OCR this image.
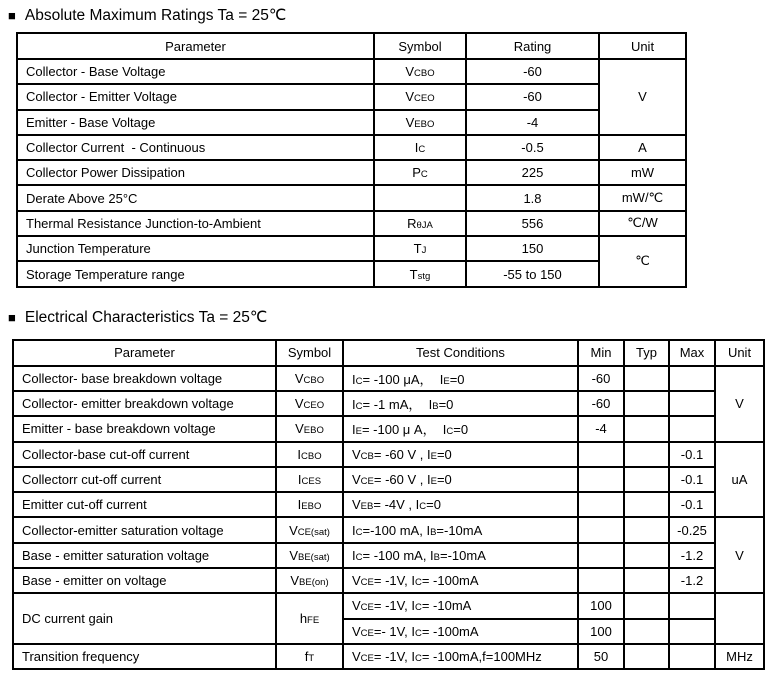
■ Absolute Maximum Ratings Ta = 25℃
Parameter	Symbol	Rating	Unit
Collector - Base Voltage	VCBO	-60	V
Collector - Emitter Voltage	VCEO	-60	
Emitter - Base Voltage	VEBO	-4	
Collector Current  - Continuous	IC	-0.5	A
Collector Power Dissipation	PC	225	mW
Derate Above 25°C		1.8	mW/℃
Thermal Resistance Junction-to-Ambient	RθJA	556	℃/W
Junction Temperature	TJ	150	℃
Storage Temperature range	Tstg	-55 to 150	
■ Electrical Characteristics Ta = 25℃
Parameter	Symbol	Test Conditions	Min	Typ	Max	Unit
Collector- base breakdown voltage	VCBO	IC= -100 μA，  IE=0	-60			V
Collector- emitter breakdown voltage	VCEO	IC= -1 mA，  IB=0	-60			
Emitter - base breakdown voltage	VEBO	IE= -100 μ A，  IC=0	-4			
Collector-base cut-off current	ICBO	VCB= -60 V , IE=0			-0.1	uA
Collectorr cut-off current	ICES	VCE= -60 V , IE=0			-0.1	
Emitter cut-off current	IEBO	VEB= -4V , IC=0			-0.1	
Collector-emitter saturation voltage	VCE(sat)	IC=-100 mA, IB=-10mA			-0.25	V
Base - emitter saturation voltage	VBE(sat)	IC= -100 mA, IB=-10mA			-1.2	
Base - emitter on voltage	VBE(on)	VCE= -1V, IC= -100mA			-1.2	
DC current gain	hFE	VCE= -1V, IC= -10mA	100			
		VCE=- 1V, IC= -100mA	100			
Transition frequency	fT	VCE= -1V, IC= -100mA,f=100MHz	50			MHz
